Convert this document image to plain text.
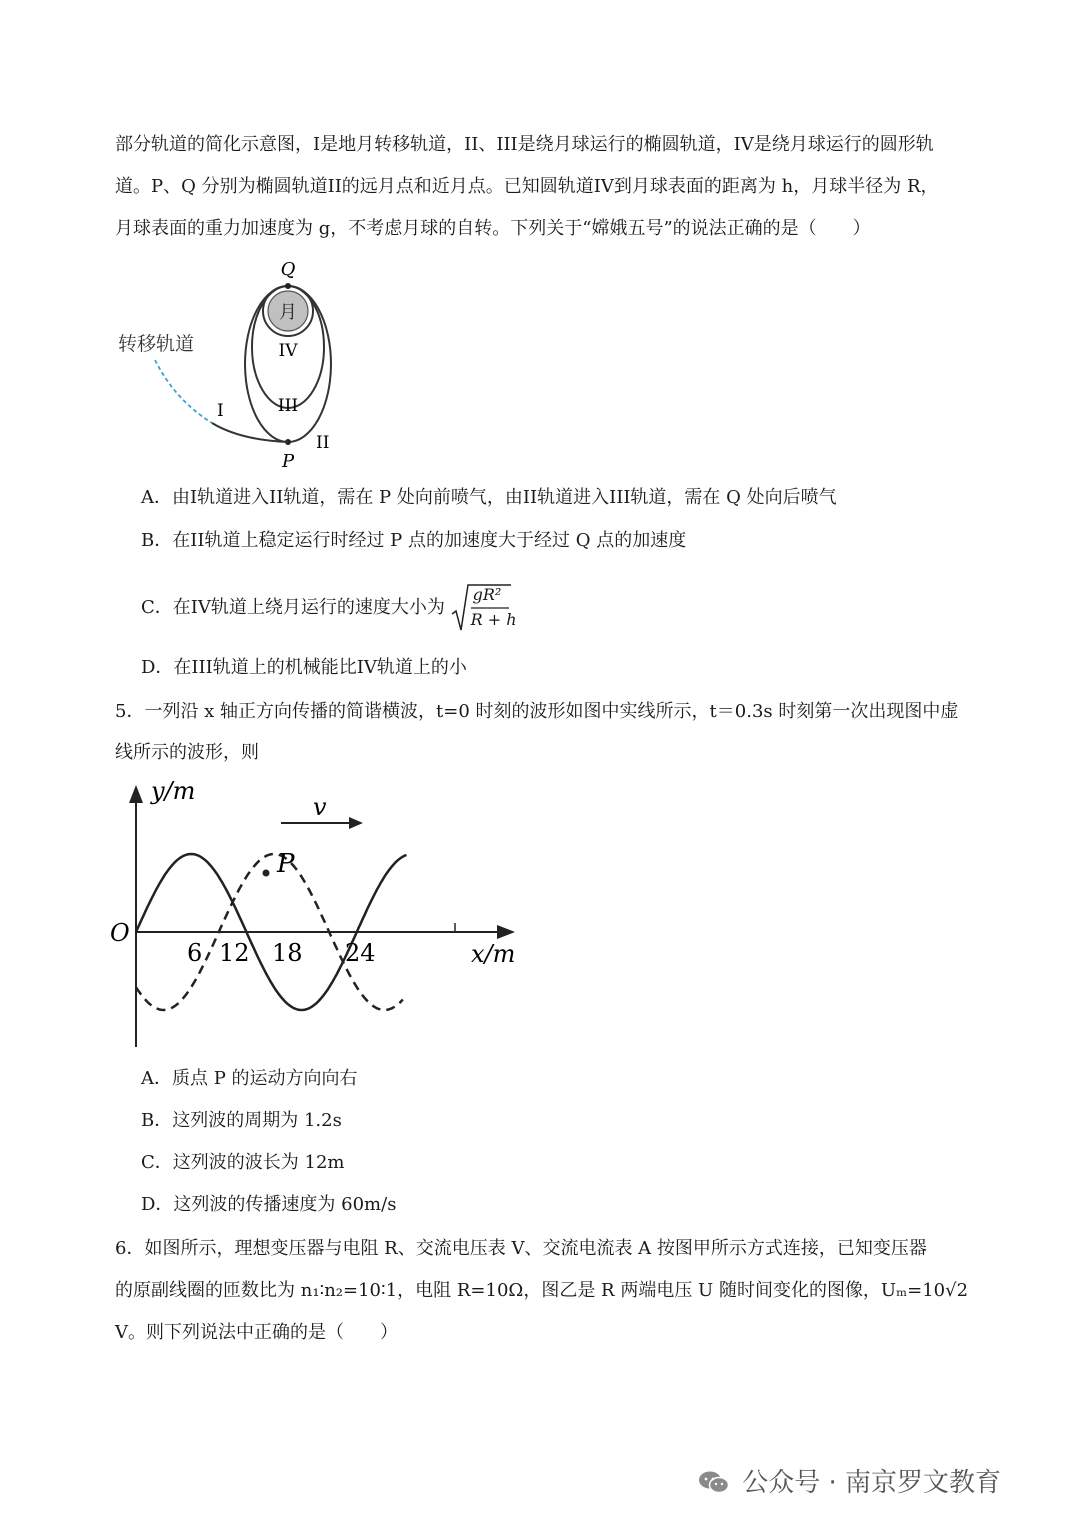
部分轨道的简化示意图，I是地月转移轨道，II、III是绕月球运行的椭圆轨道，IV是绕月球运行的圆形轨
道。P、Q 分别为椭圆轨道II的远月点和近月点。已知圆轨道IV到月球表面的距离为 h，月球半径为 R，
月球表面的重力加速度为 g，不考虑月球的自转。下列关于“嫦娥五号”的说法正确的是（　　）
月
Q
P
转移轨道	IV
III
I
II
A．由I轨道进入II轨道，需在 P 处向前喷气，由II轨道进入III轨道，需在 Q 处向后喷气
B．在II轨道上稳定运行时经过 P 点的加速度大于经过 Q 点的加速度
C．在IV轨道上绕月运行的速度大小为
gR²
R + h
D．在III轨道上的机械能比IV轨道上的小
5．一列沿 x 轴正方向传播的简谐横波，t=0 时刻的波形如图中实线所示，t＝0.3s 时刻第一次出现图中虚
线所示的波形，则
P
v
y/m
x/m
O
6 12 18 24
A．质点 P 的运动方向向右
B．这列波的周期为 1.2s
C．这列波的波长为 12m
D．这列波的传播速度为 60m/s
6．如图所示，理想变压器与电阻 R、交流电压表 V、交流电流表 A 按图甲所示方式连接，已知变压器
的原副线圈的匝数比为 n₁∶n₂=10∶1，电阻 R=10Ω，图乙是 R 两端电压 U 随时间变化的图像，Uₘ=10√2
V。则下列说法中正确的是（　　）
公众号 · 南京罗文教育
